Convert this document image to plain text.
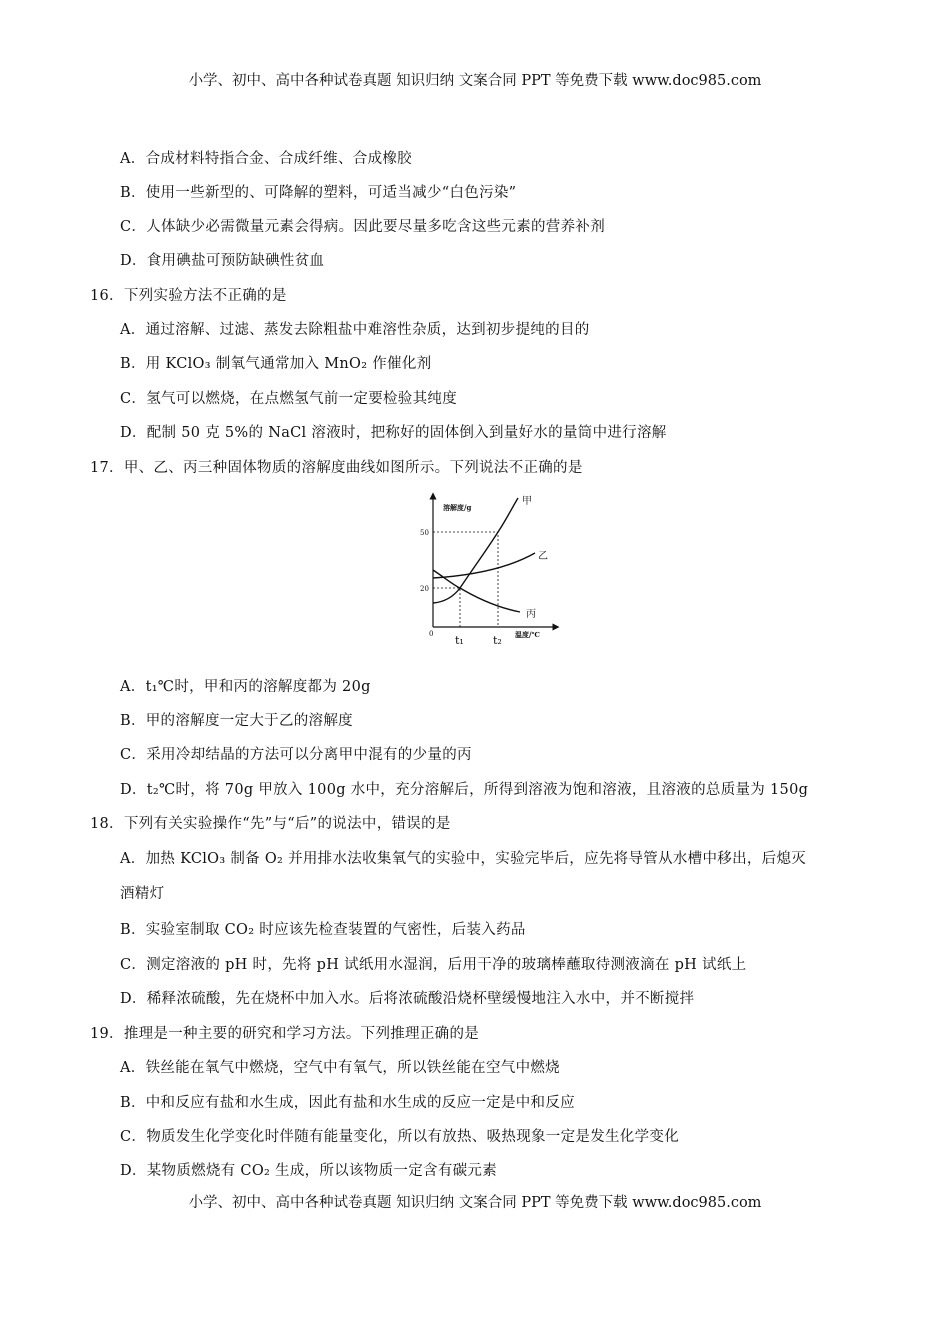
小学、初中、高中各种试卷真题 知识归纳 文案合同 PPT 等免费下载 www.doc985.com
A．合成材料特指合金、合成纤维、合成橡胶
B．使用一些新型的、可降解的塑料，可适当减少“白色污染”
C．人体缺少必需微量元素会得病。因此要尽量多吃含这些元素的营养补剂
D．食用碘盐可预防缺碘性贫血
16．下列实验方法不正确的是
A．通过溶解、过滤、蒸发去除粗盐中难溶性杂质，达到初步提纯的目的
B．用 KClO₃ 制氧气通常加入 MnO₂ 作催化剂
C．氢气可以燃烧，在点燃氢气前一定要检验其纯度
D．配制 50 克 5%的 NaCl 溶液时，把称好的固体倒入到量好水的量筒中进行溶解
17．甲、乙、丙三种固体物质的溶解度曲线如图所示。下列说法不正确的是
溶解度/g
温度/℃
0
50
20
t₁	t₂
甲
乙
丙
A．t₁℃时，甲和丙的溶解度都为 20g
B．甲的溶解度一定大于乙的溶解度
C．采用冷却结晶的方法可以分离甲中混有的少量的丙
D．t₂℃时，将 70g 甲放入 100g 水中，充分溶解后，所得到溶液为饱和溶液，且溶液的总质量为 150g
18．下列有关实验操作“先”与“后”的说法中，错误的是
A．加热 KClO₃ 制备 O₂ 并用排水法收集氧气的实验中，实验完毕后，应先将导管从水槽中移出，后熄灭
酒精灯
B．实验室制取 CO₂ 时应该先检查装置的气密性，后装入药品
C．测定溶液的 pH 时，先将 pH 试纸用水湿润，后用干净的玻璃棒蘸取待测液滴在 pH 试纸上
D．稀释浓硫酸，先在烧杯中加入水。后将浓硫酸沿烧杯壁缓慢地注入水中，并不断搅拌
19．推理是一种主要的研究和学习方法。下列推理正确的是
A．铁丝能在氧气中燃烧，空气中有氧气，所以铁丝能在空气中燃烧
B．中和反应有盐和水生成，因此有盐和水生成的反应一定是中和反应
C．物质发生化学变化时伴随有能量变化，所以有放热、吸热现象一定是发生化学变化
D．某物质燃烧有 CO₂ 生成，所以该物质一定含有碳元素
小学、初中、高中各种试卷真题 知识归纳 文案合同 PPT 等免费下载 www.doc985.com
